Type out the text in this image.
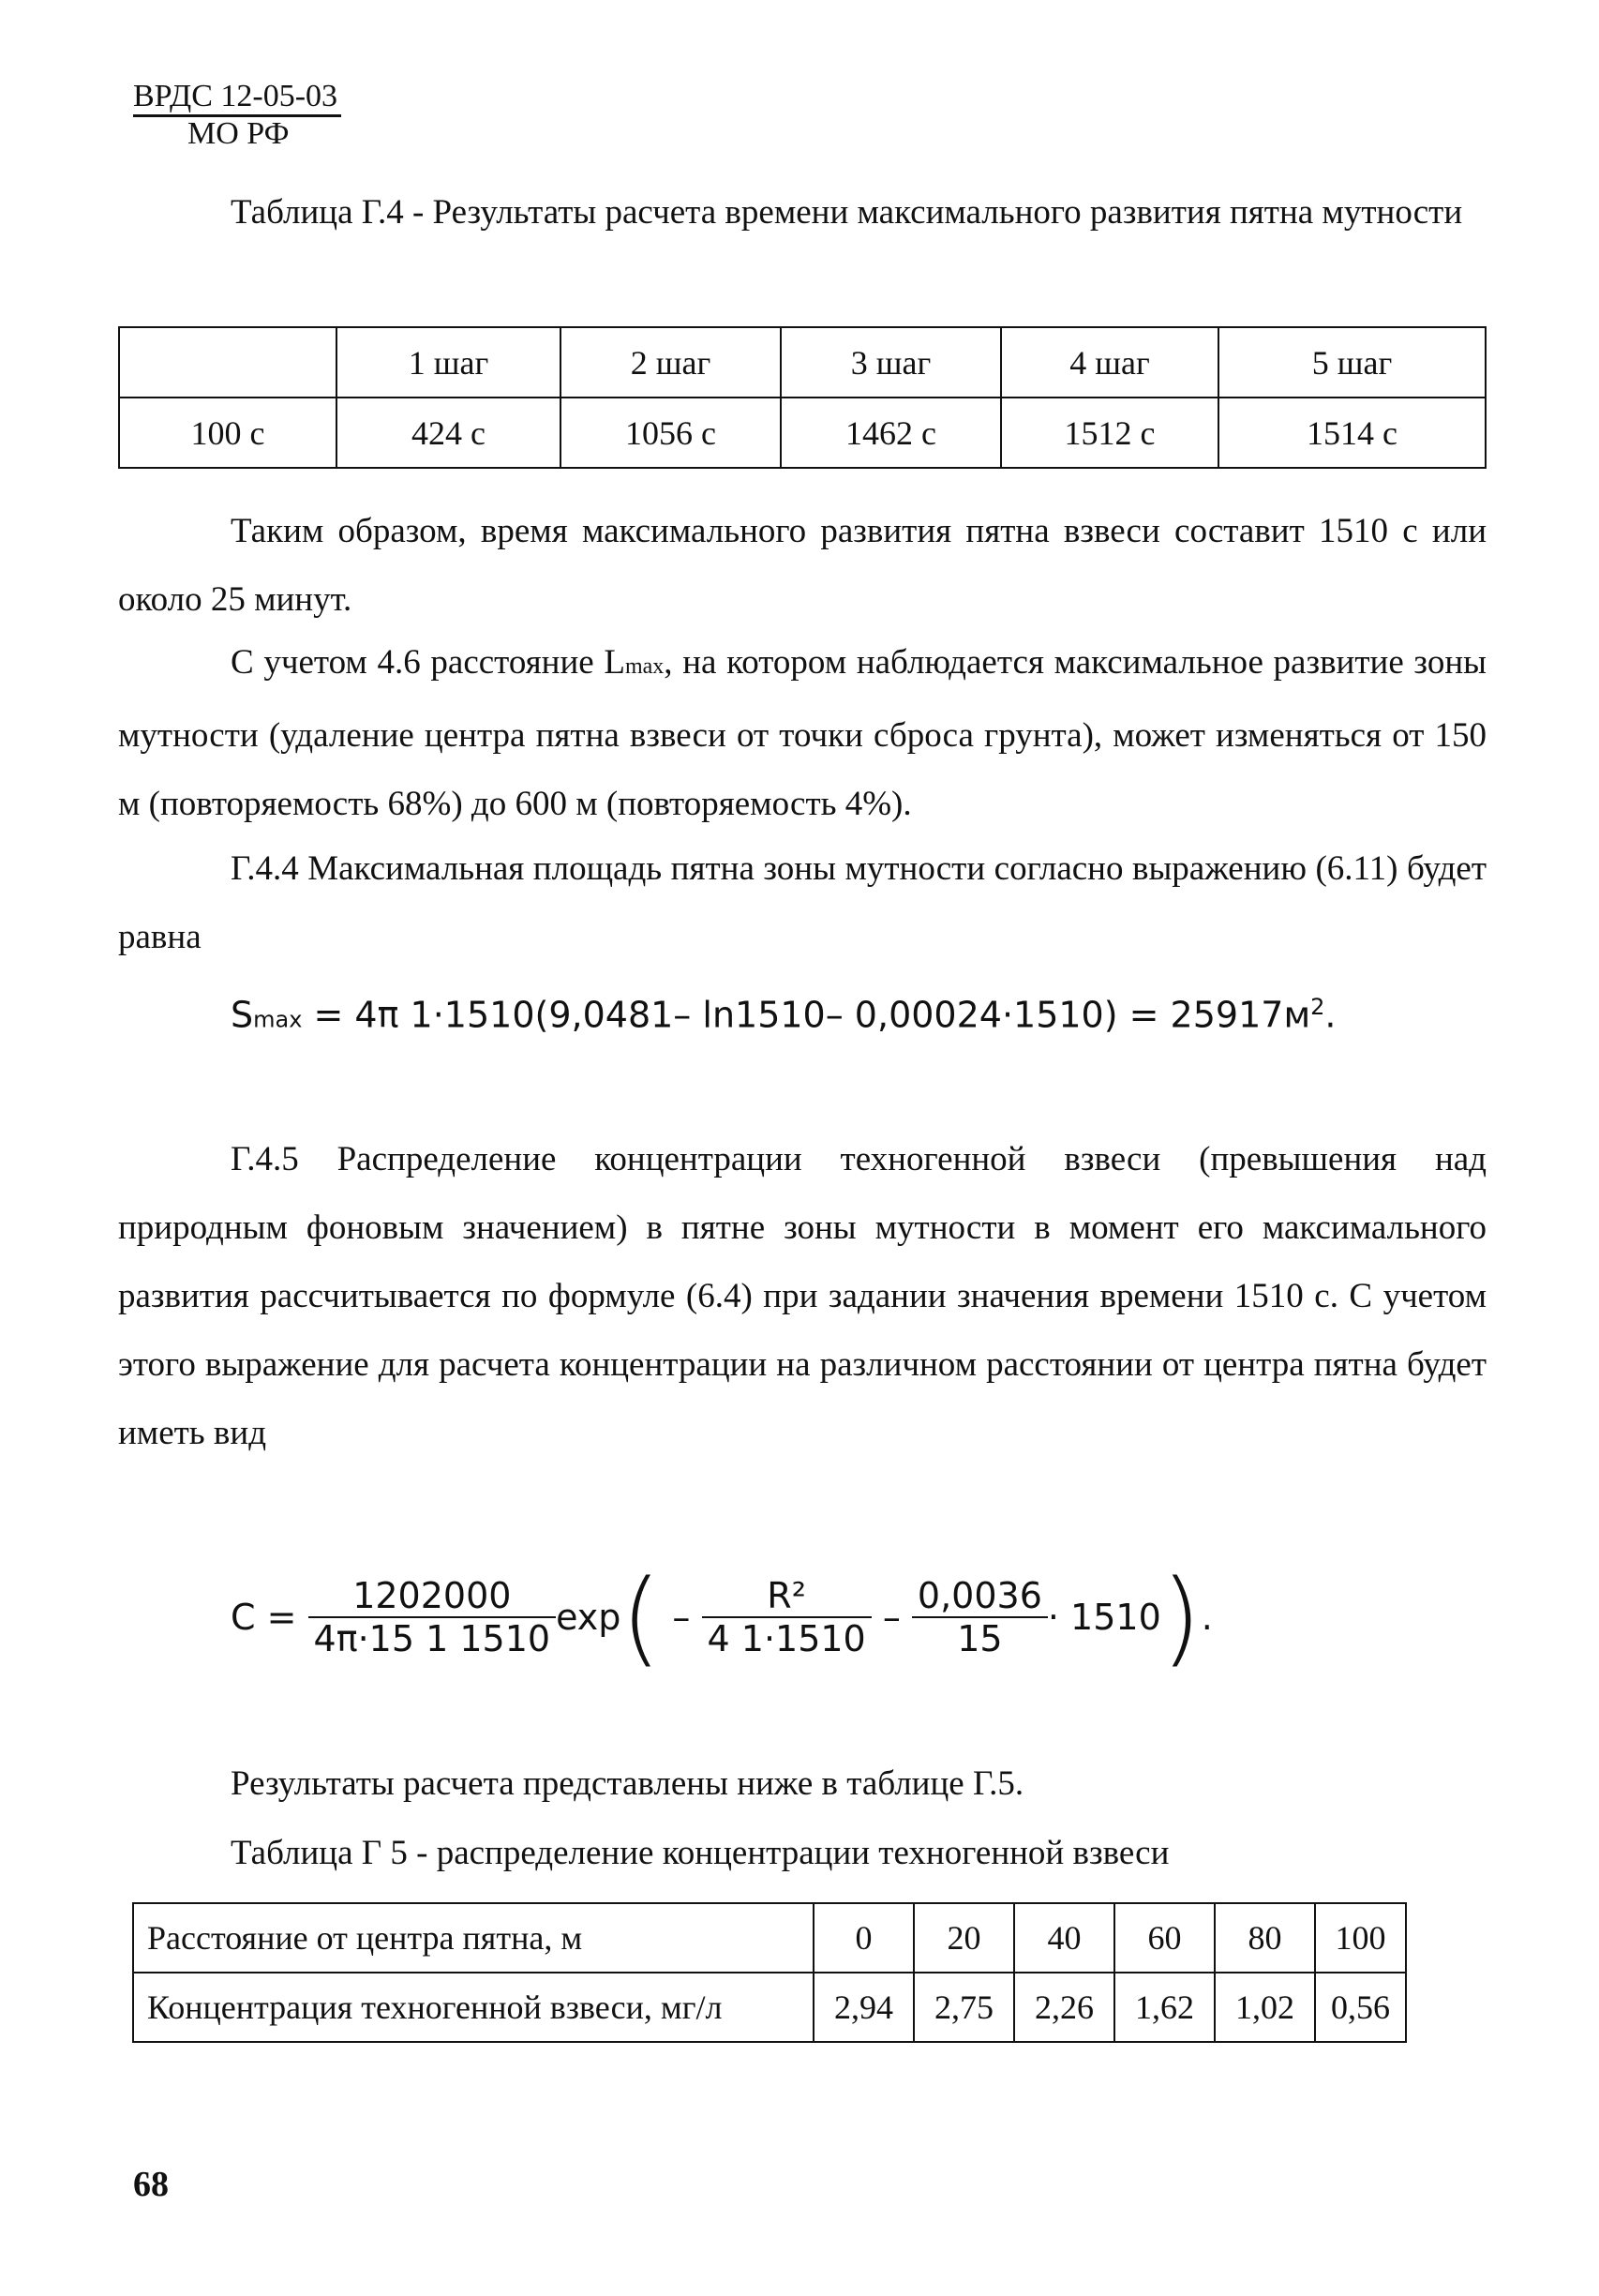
ВРДС 12-05-03
МО РФ
Таблица Г.4 - Результаты расчета времени максимального развития пятна мутности
	1 шаг	2 шаг	3 шаг	4 шаг	5 шаг
100 с	424 с	1056 с	1462 с	1512 с	1514 с
Таким образом, время максимального развития пятна взвеси составит 1510 с или около 25 минут.
С учетом 4.6 расстояние Lmax, на котором наблюдается максимальное развитие зоны мутности (удаление центра пятна взвеси от точки сброса грунта), может изменяться от 150 м (повторяемость 68%) до 600 м (повторяемость 4%).
Г.4.4 Максимальная площадь пятна зоны мутности согласно выражению (6.11) будет равна
Smax = 4π 1·1510(9,0481– ln1510– $0,00024\cdot 1510) = 25917м^2$.
Г.4.5 Распределение концентрации техногенной взвеси (превышения над природным фоновым значением) в пятне зоны мутности в момент его максимального развития рассчитывается по формуле (6.4) при задании значения времени 1510 с. С учетом этого выражение для расчета концентрации на различном расстоянии от центра пятна будет иметь вид
$C = \frac{1202000}{4\pi\cdot 15 1 1510} \exp( - \frac{\text{R²}}{4 1\cdot 1510} - \frac{0,0036}{15} \cdot 1510)$.
Результаты расчета представлены ниже в таблице Г.5.
Таблица Г 5 - распределение концентрации техногенной взвеси
Расстояние от центра пятна, м	0	20	40	60	80	100
Концентрация техногенной взвеси, мг/л	2,94	2,75	2,26	1,62	1,02	0,56
68
